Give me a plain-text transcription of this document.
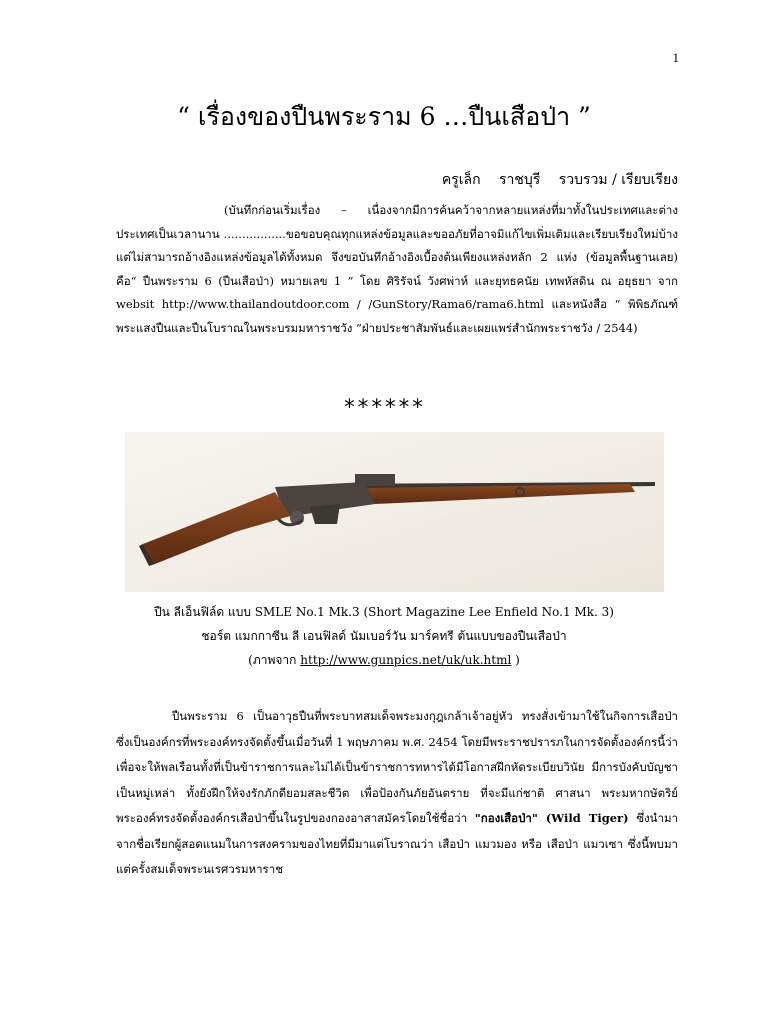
1
“ เรื่องของปืนพระราม 6 …ปืนเสือป่า ”
ครูเล็ก ราชบุรี รวบรวม / เรียบเรียง
(บันทึกก่อนเริ่มเรื่อง – เนื่องจากมีการค้นคว้าจากหลายแหล่งที่มาทั้งในประเทศและต่างประเทศเป็นเวลานาน .................ขอขอบคุณทุกแหล่งข้อมูลและขออภัยที่อาจมิแก้ไขเพิ่มเติมและเรียบเรียงใหม่บ้าง แต่ไม่สามารถอ้างอิงแหล่งข้อมูลได้ทั้งหมด จึงขอบันทึกอ้างอิงเบื้องต้นเพียงแหล่งหลัก 2 แห่ง (ข้อมูลพื้นฐานเลย) คือ“ ปืนพระราม 6 (ปืนเสือป่า) หมายเลข 1 ” โดย ศิริรัจน์ วังศพ่าห์ และยุทธคนัย เทพหัสดิน ณ อยุธยา จาก websit http://www.thailandoutdoor.com / /GunStory/Rama6/rama6.html และหนังสือ “ พิพิธภัณฑ์พระแสงปืนและปืนโบราณในพระบรมมหาราชวัง ”ฝ่ายประชาสัมพันธ์และเผยแพร่สำนักพระราชวัง / 2544)
******
ปืน ลีเอ็นฟิล์ด แบบ SMLE No.1 Mk.3 (Short Magazine Lee Enfield No.1 Mk. 3)
ชอร์ต แมกกาซีน ลี เอนฟิลด์ นัมเบอร์วัน มาร์คทรี ต้นแบบของปืนเสือป่า
(ภาพจาก http://www.gunpics.net/uk/uk.html )
ปืนพระราม 6 เป็นอาวุธปืนที่พระบาทสมเด็จพระมงกุฎเกล้าเจ้าอยู่หัว ทรงสั่งเข้ามาใช้ในกิจการเสือป่า ซึ่งเป็นองค์กรที่พระองค์ทรงจัดตั้งขึ้นเมื่อวันที่ 1 พฤษภาคม พ.ศ. 2454 โดยมีพระราชปรารภในการจัดตั้งองค์กรนี้ว่า เพื่อจะให้พลเรือนทั้งที่เป็นข้าราชการและไม่ได้เป็นข้าราชการทหารได้มีโอกาสฝึกหัดระเบียบวินัย มีการบังคับบัญชาเป็นหมู่เหล่า ทั้งยังฝึกให้จงรักภักดียอมสละชีวิต เพื่อป้องกันภัยอันตราย ที่จะมีแก่ชาติ ศาสนา พระมหากษัตริย์ พระองค์ทรงจัดตั้งองค์กรเสือป่าขึ้นในรูปของกองอาสาสมัครโดยใช้ชื่อว่า "กองเสือป่า" (Wild Tiger) ซึ่งนำมาจากชื่อเรียกผู้สอดแนมในการสงครามของไทยที่มีมาแต่โบราณว่า เสือป่า แมวมอง หรือ เสือป่า แมวเซา ซึ่งนี้พบมาแต่ครั้งสมเด็จพระนเรศวรมหาราช
